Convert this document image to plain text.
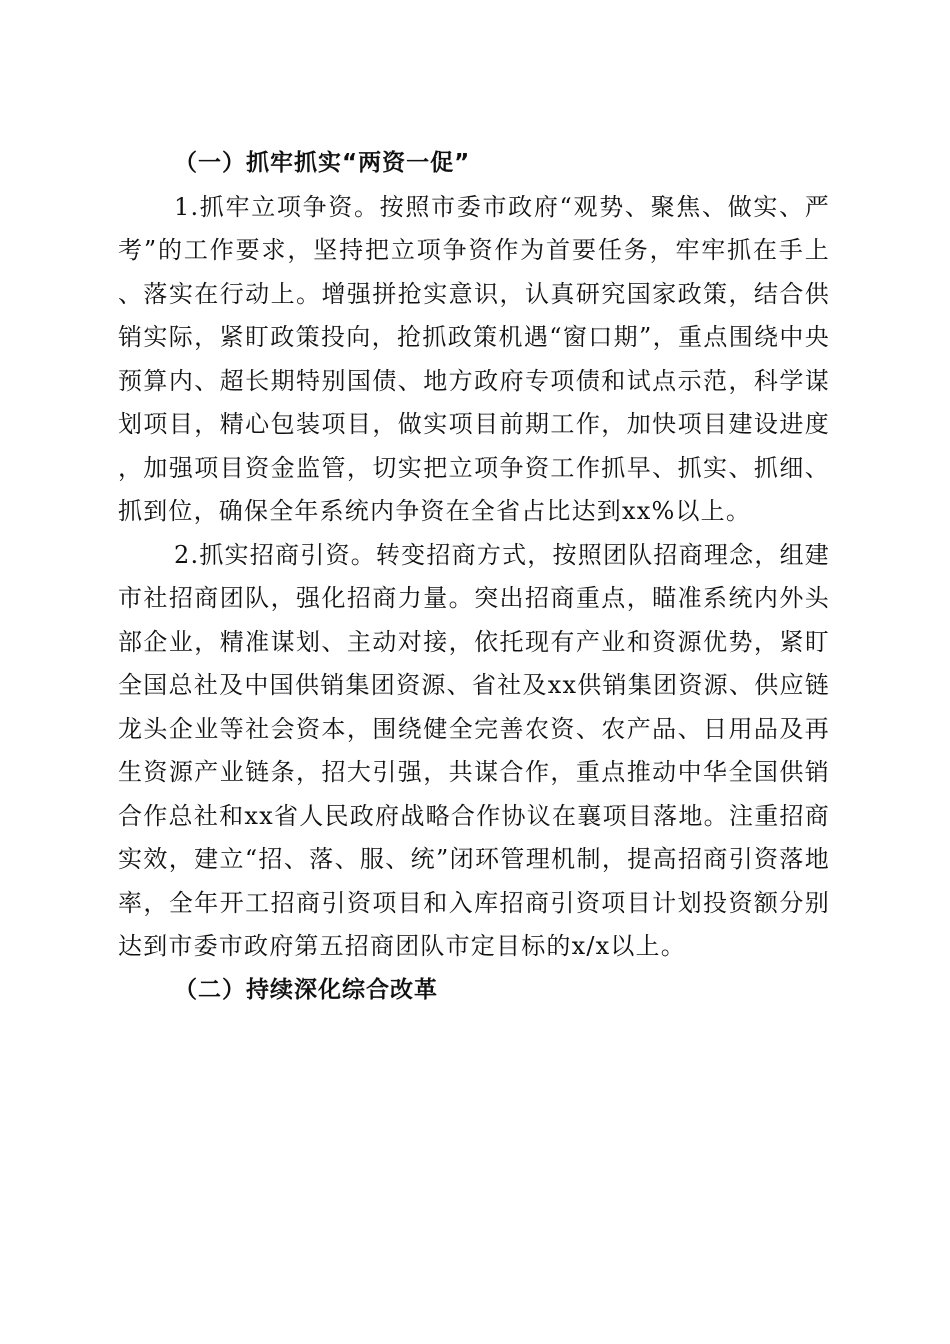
（一）抓牢抓实“两资一促”

1.抓牢立项争资。按照市委市政府“观势、聚焦、做实、严考”的工作要求，坚持把立项争资作为首要任务，牢牢抓在手上、落实在行动上。增强拼抢实意识，认真研究国家政策，结合供销实际，紧盯政策投向，抢抓政策机遇“窗口期”，重点围绕中央预算内、超长期特别国债、地方政府专项债和试点示范，科学谋划项目，精心包装项目，做实项目前期工作，加快项目建设进度，加强项目资金监管，切实把立项争资工作抓早、抓实、抓细、抓到位，确保全年系统内争资在全省占比达到xx%以上。

2.抓实招商引资。转变招商方式，按照团队招商理念，组建市社招商团队，强化招商力量。突出招商重点，瞄准系统内外头部企业，精准谋划、主动对接，依托现有产业和资源优势，紧盯全国总社及中国供销集团资源、省社及xx供销集团资源、供应链龙头企业等社会资本，围绕健全完善农资、农产品、日用品及再生资源产业链条，招大引强，共谋合作，重点推动中华全国供销合作总社和xx省人民政府战略合作协议在襄项目落地。注重招商实效，建立“招、落、服、统”闭环管理机制，提高招商引资落地率，全年开工招商引资项目和入库招商引资项目计划投资额分别达到市委市政府第五招商团队市定目标的x/x以上。

（二）持续深化综合改革
